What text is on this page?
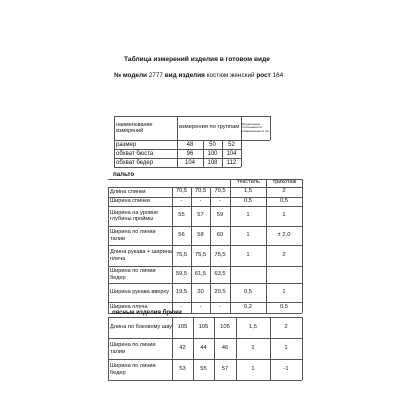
Таблица измерений изделия в готовом виде
№ модели 2777 вид изделия костюм женский рост 164
наименование измерений
измерения по группам
Предельные отклонения от номинальных в см.
размер	48	50	52
обхват бюста	96	100	104
обхват бедер	104	108	112
пальто
текстиль	трикотаж
Длина спинки	70,5	70,5	70,5	1,5	2
Ширина спинки	-	-	-	0,5	0,5
Ширина на уровне глубины проймы
55	57	59	1	1
Ширина по линии талии
56	58	60	1	± 2,0
Длина рукава + ширина плеча
75,5	75,5	75,5	1	2
Ширина по линии бедер
59,5	61,5	63,5
Ширина рукава вверху	19,5	20	20,5	0,5	1
Ширина плеча	-	-	-	0,2	0,5
оясные изделия брюки
Длина по боковому шву 105	105	105	1,5	2
Ширина по линии талии
42	44	46	1	1
Ширина по линии бедер
53	55	57	1	-1
